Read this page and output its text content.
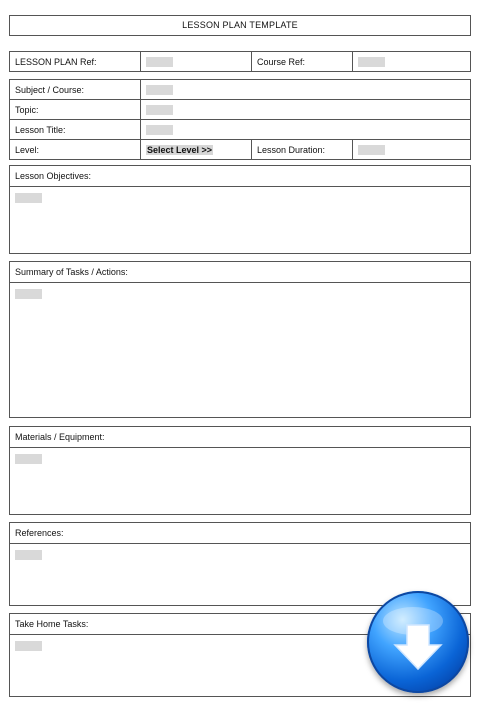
LESSON PLAN TEMPLATE
LESSON PLAN Ref:		Course Ref:	
Subject / Course:			
Topic:			
Lesson Title:			
Level:	Select Level >>	Lesson Duration:	
Lesson Objectives:
Summary of Tasks / Actions:
Materials / Equipment:
References:
Take Home Tasks:
